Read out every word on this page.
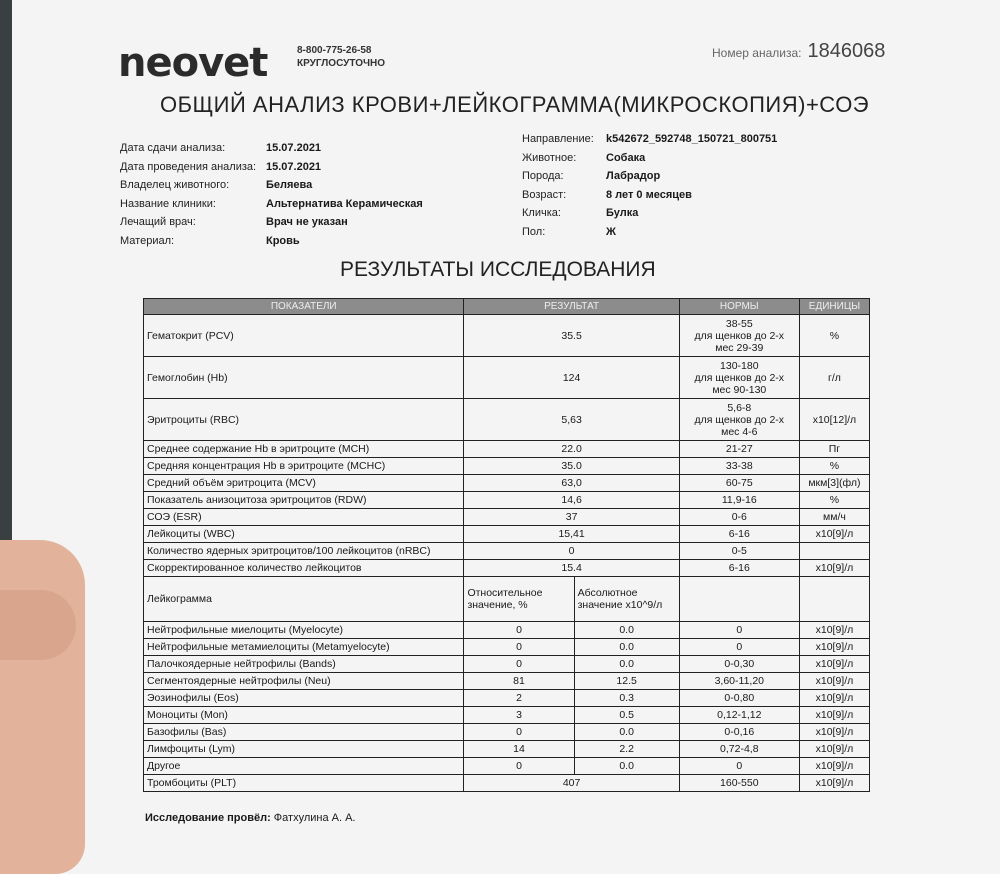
neovet	8-800-775-26-58
КРУГЛОСУТОЧНО
Номер анализа: 1846068
ОБЩИЙ АНАЛИЗ КРОВИ+ЛЕЙКОГРАММА(МИКРОСКОПИЯ)+СОЭ
Дата сдачи анализа:	15.07.2021
Дата проведения анализа: 15.07.2021
Владелец животного:	Беляева
Название клиники:	Альтернатива Керамическая
Лечащий врач:	Врач не указан
Материал:	Кровь
Направление:	k542672_592748_150721_800751
Животное:	Собака
Порода:	Лабрадор
Возраст:	8 лет 0 месяцев
Кличка:	Булка
Пол:	Ж
РЕЗУЛЬТАТЫ ИССЛЕДОВАНИЯ
ПОКАЗАТЕЛИ	РЕЗУЛЬТАТ		НОРМЫ	ЕДИНИЦЫ
Гематокрит (PCV)	35.5		38-55
для щенков до 2-х
мес 29-39	%
Гемоглобин (Hb)	124		130-180
для щенков до 2-х
мес 90-130	г/л
Эритроциты (RBC)	5,63		5,6-8
для щенков до 2-х
мес 4-6	x10[12]/л
Среднее содержание Hb в эритроците (MCH)	22.0		21-27	Пг
Средняя концентрация Hb в эритроците (MCHC)	35.0		33-38	%
Средний объём эритроцита (MCV)	63,0		60-75	мкм[3](фл)
Показатель анизоцитоза эритроцитов (RDW)	14,6		11,9-16	%
СОЭ (ESR)	37		0-6	мм/ч
Лейкоциты (WBC)	15,41		6-16	x10[9]/л
Количество ядерных эритроцитов/100 лейкоцитов (nRBC)	0		0-5	
Скорректированное количество лейкоцитов	15.4		6-16	x10[9]/л
Лейкограмма	Относительное значение, %	Абсолютное значение x10^9/л		
Нейтрофильные миелоциты (Myelocyte)	0	0.0	0	x10[9]/л
Нейтрофильные метамиелоциты (Metamyelocyte)	0	0.0	0	x10[9]/л
Палочкоядерные нейтрофилы (Bands)	0	0.0	0-0,30	x10[9]/л
Сегментоядерные нейтрофилы (Neu)	81	12.5	3,60-11,20	x10[9]/л
Эозинофилы (Eos)	2	0.3	0-0,80	x10[9]/л
Моноциты (Mon)	3	0.5	0,12-1,12	x10[9]/л
Базофилы (Bas)	0	0.0	0-0,16	x10[9]/л
Лимфоциты (Lym)	14	2.2	0,72-4,8	x10[9]/л
Другое	0	0.0	0	x10[9]/л
Тромбоциты (PLT)	407		160-550	x10[9]/л
Исследование провёл: Фатхулина А. А.
